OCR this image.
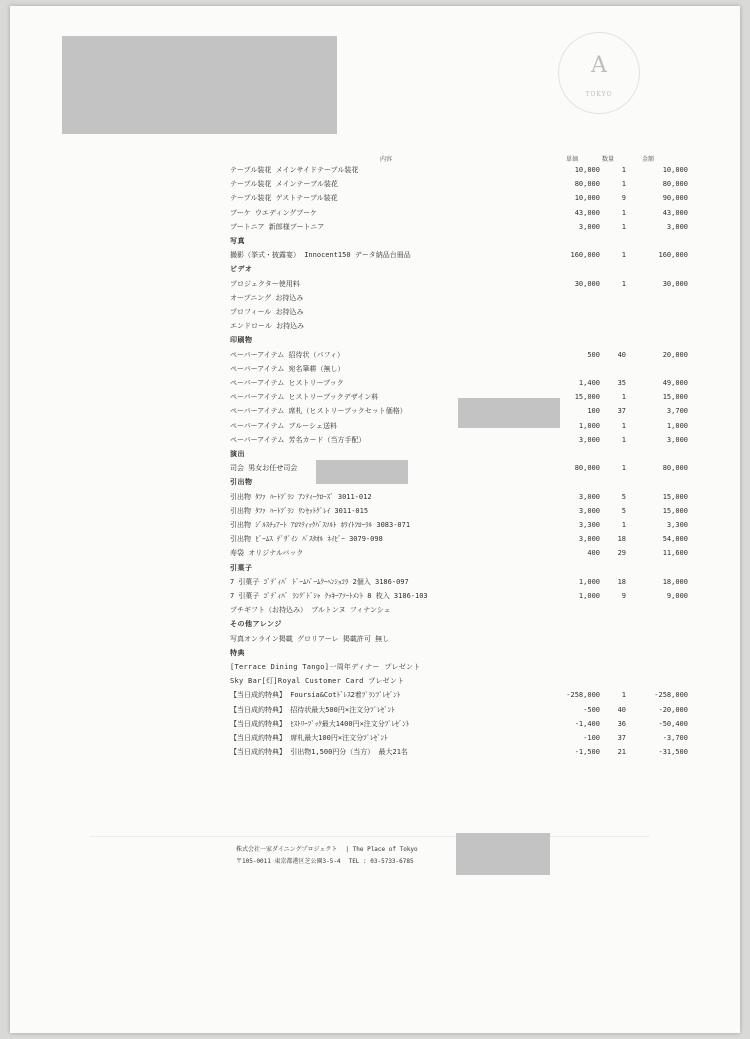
A
TOKYO
内容	単価	数量	金額
テーブル装花 メインサイドテーブル装花	10,000	1	10,000
テーブル装花 メインテーブル装花	80,000	1	80,000
テーブル装花 ゲストテーブル装花	10,000	9	90,000
ブーケ ウエディングブーケ	43,000	1	43,000
ブートニア 新郎様ブートニア	3,000	1	3,000
写真
撮影（挙式・披露宴） Innocent150 データ納品台冊品	160,000	1	160,000
ビデオ
プロジェクター使用料	30,000	1	30,000
オープニング お持込み
プロフィール お持込み
エンドロール お持込み
印刷物
ペーパーアイテム 招待状（パフィ）	500	40	20,000
ペーパーアイテム 宛名筆耕（無し）
ペーパーアイテム ヒストリーブック	1,400	35	49,000
ペーパーアイテム ヒストリーブックデザイン料	15,000	1	15,000
ペーパーアイテム 席札（ヒストリーブックセット価格）	100	37	3,700
ペーパーアイテム ブルーシェ送料	1,000	1	1,000
ペーパーアイテム 芳名カード（当方手配）	3,000	1	3,000
演出
司会 男女お任せ司会	80,000	1	80,000
引出物
引出物 ﾀﾌｧ ﾊｰﾄﾌﾞﾗﾝ ｱﾝﾃｨｰｸﾛｰｽﾞ 3011-012	3,000	5	15,000
引出物 ﾀﾌｧ ﾊｰﾄﾌﾞﾗﾝ ｻﾝｾｯﾄｸﾞﾚｲ 3011-015	3,000	5	15,000
引出物 ｼﾞﾙｽﾁｭｱｰﾄ ｱﾛﾏﾃｨｯｸﾊﾞｽｿﾙﾄ ﾎﾜｲﾄﾌﾛｰﾗﾙ 3083-071	3,300	1	3,300
引出物 ﾋﾞｰﾑｽ ﾃﾞｻﾞｲﾝ ﾊﾞｽﾀｵﾙ ﾈｲﾋﾞｰ 3079-098	3,000	18	54,000
寿袋 オリジナルバック	400	29	11,600
引菓子
7 引菓子 ｺﾞﾃﾞｨﾊﾞ ﾄﾞｰﾑﾊﾞｰﾑｸｰﾍﾝｼｮｺﾗ 2個入 3186-097	1,000	18	18,000
7 引菓子 ｺﾞﾃﾞｨﾊﾞ ﾗﾝｸﾞﾄﾞｼｬ ｸｯｷｰｱｿｰﾄﾒﾝﾄ 8 枚入 3186-103	1,000	9	9,000
プチギフト（お持込み） ブルトンヌ フィナンシェ
その他アレンジ
写真オンライン掲載 グロリアーレ 掲載許可 無し
特典
[Terrace Dining Tango]一周年ディナー プレゼント
Sky Bar[灯]Royal Customer Card プレゼント
【当日成約特典】 Foursia&Cotﾄﾞﾚｽ2着ﾌﾟﾗﾝﾌﾟﾚｾﾞﾝﾄ	-258,000	1	-258,000
【当日成約特典】 招待状最大500円×注文分ﾌﾟﾚｾﾞﾝﾄ	-500	40	-20,000
【当日成約特典】 ﾋｽﾄﾘｰﾌﾞｯｸ最大1400円×注文分ﾌﾟﾚｾﾞﾝﾄ	-1,400	36	-50,400
【当日成約特典】 席札最大100円×注文分ﾌﾟﾚｾﾞﾝﾄ	-100	37	-3,700
【当日成約特典】 引出物1,500円分（当方） 最大21名	-1,500	21	-31,500
株式会社一家ダイニングプロジェクト | The Place of Tokyo
〒105-0011 東京都港区芝公園3-5-4 TEL : 03-5733-6785
